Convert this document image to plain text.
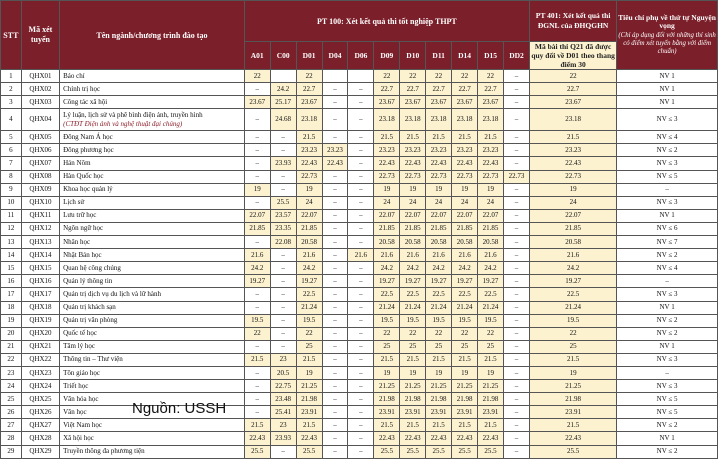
STT	Mã xét tuyển	Tên ngành/chương trình đào tạo	PT 100: Xét kết quả thi tốt nghiệp THPT											PT 401: Xét kết quả thi ĐGNL của ĐHQGHN	Tiêu chí phụ về thứ tự Nguyện vọng
(Chỉ áp dụng đối với những thí sinh có điểm xét tuyển bằng với điểm chuẩn)
			A01	C00	D01	D04	D06	D09	D10	D11	D14	D15	DD2	Mã bài thi Q21 đã được quy đổi về D01 theo thang điểm 30	
1	QHX01	Báo chí	22		22			22	22	22	22	22	–	22	NV 1
2	QHX02	Chính trị học	–	24.2	22.7	–	–	22.7	22.7	22.7	22.7	22.7	–	22.7	NV 1
3	QHX03	Công tác xã hội	23.67	25.17	23.67	–	–	23.67	23.67	23.67	23.67	23.67	–	23.67	NV 1
4	QHX04	Lý luận, lịch sử và phê bình điện ảnh, truyền hình
(CTĐT Điện ảnh và nghệ thuật đại chúng)	–	24.68	23.18	–	–	23.18	23.18	23.18	23.18	23.18	–	23.18	NV ≤ 3
5	QHX05	Đông Nam Á học	–	–	21.5	–	–	21.5	21.5	21.5	21.5	21.5	–	21.5	NV ≤ 4
6	QHX06	Đông phương học	–	–	23.23	23.23	–	23.23	23.23	23.23	23.23	23.23	–	23.23	NV ≤ 2
7	QHX07	Hán Nôm	–	23.93	22.43	22.43	–	22.43	22.43	22.43	22.43	22.43	–	22.43	NV ≤ 3
8	QHX08	Hàn Quốc học	–	–	22.73	–	–	22.73	22.73	22.73	22.73	22.73	22.73	22.73	NV ≤ 5
9	QHX09	Khoa học quản lý	19	–	19	–	–	19	19	19	19	19	–	19	–
10	QHX10	Lịch sử	–	25.5	24	–	–	24	24	24	24	24	–	24	NV ≤ 3
11	QHX11	Lưu trữ học	22.07	23.57	22.07	–	–	22.07	22.07	22.07	22.07	22.07	–	22.07	NV 1
12	QHX12	Ngôn ngữ học	21.85	23.35	21.85	–	–	21.85	21.85	21.85	21.85	21.85	–	21.85	NV ≤ 6
13	QHX13	Nhân học	–	22.08	20.58	–	–	20.58	20.58	20.58	20.58	20.58	–	20.58	NV ≤ 7
14	QHX14	Nhật Bản học	21.6	–	21.6	–	21.6	21.6	21.6	21.6	21.6	21.6	–	21.6	NV ≤ 2
15	QHX15	Quan hệ công chúng	24.2	–	24.2	–	–	24.2	24.2	24.2	24.2	24.2	–	24.2	NV ≤ 4
16	QHX16	Quản lý thông tin	19.27	–	19.27	–	–	19.27	19.27	19.27	19.27	19.27	–	19.27	–
17	QHX17	Quản trị dịch vụ du lịch và lữ hành	–	–	22.5	–	–	22.5	22.5	22.5	22.5	22.5	–	22.5	NV ≤ 3
18	QHX18	Quản trị khách sạn	–	–	21.24	–	–	21.24	21.24	21.24	21.24	21.24	–	21.24	NV 1
19	QHX19	Quản trị văn phòng	19.5	–	19.5	–	–	19.5	19.5	19.5	19.5	19.5	–	19.5	NV ≤ 2
20	QHX20	Quốc tế học	22	–	22	–	–	22	22	22	22	22	–	22	NV ≤ 2
21	QHX21	Tâm lý học	–	–	25	–	–	25	25	25	25	25	–	25	NV 1
22	QHX22	Thông tin – Thư viện	21.5	23	21.5	–	–	21.5	21.5	21.5	21.5	21.5	–	21.5	NV ≤ 3
23	QHX23	Tôn giáo học	–	20.5	19	–	–	19	19	19	19	19	–	19	–
24	QHX24	Triết học	–	22.75	21.25	–	–	21.25	21.25	21.25	21.25	21.25	–	21.25	NV ≤ 3
25	QHX25	Văn hóa học	–	23.48	21.98	–	–	21.98	21.98	21.98	21.98	21.98	–	21.98	NV ≤ 5
26	QHX26	Văn học	–	25.41	23.91	–	–	23.91	23.91	23.91	23.91	23.91	–	23.91	NV ≤ 5
27	QHX27	Việt Nam học	21.5	23	21.5	–	–	21.5	21.5	21.5	21.5	21.5	–	21.5	NV ≤ 2
28	QHX28	Xã hội học	22.43	23.93	22.43	–	–	22.43	22.43	22.43	22.43	22.43	–	22.43	NV 1
29	QHX29	Truyền thông đa phương tiện	25.5	–	25.5	–	–	25.5	25.5	25.5	25.5	25.5	–	25.5	NV ≤ 2
Nguồn: USSH
